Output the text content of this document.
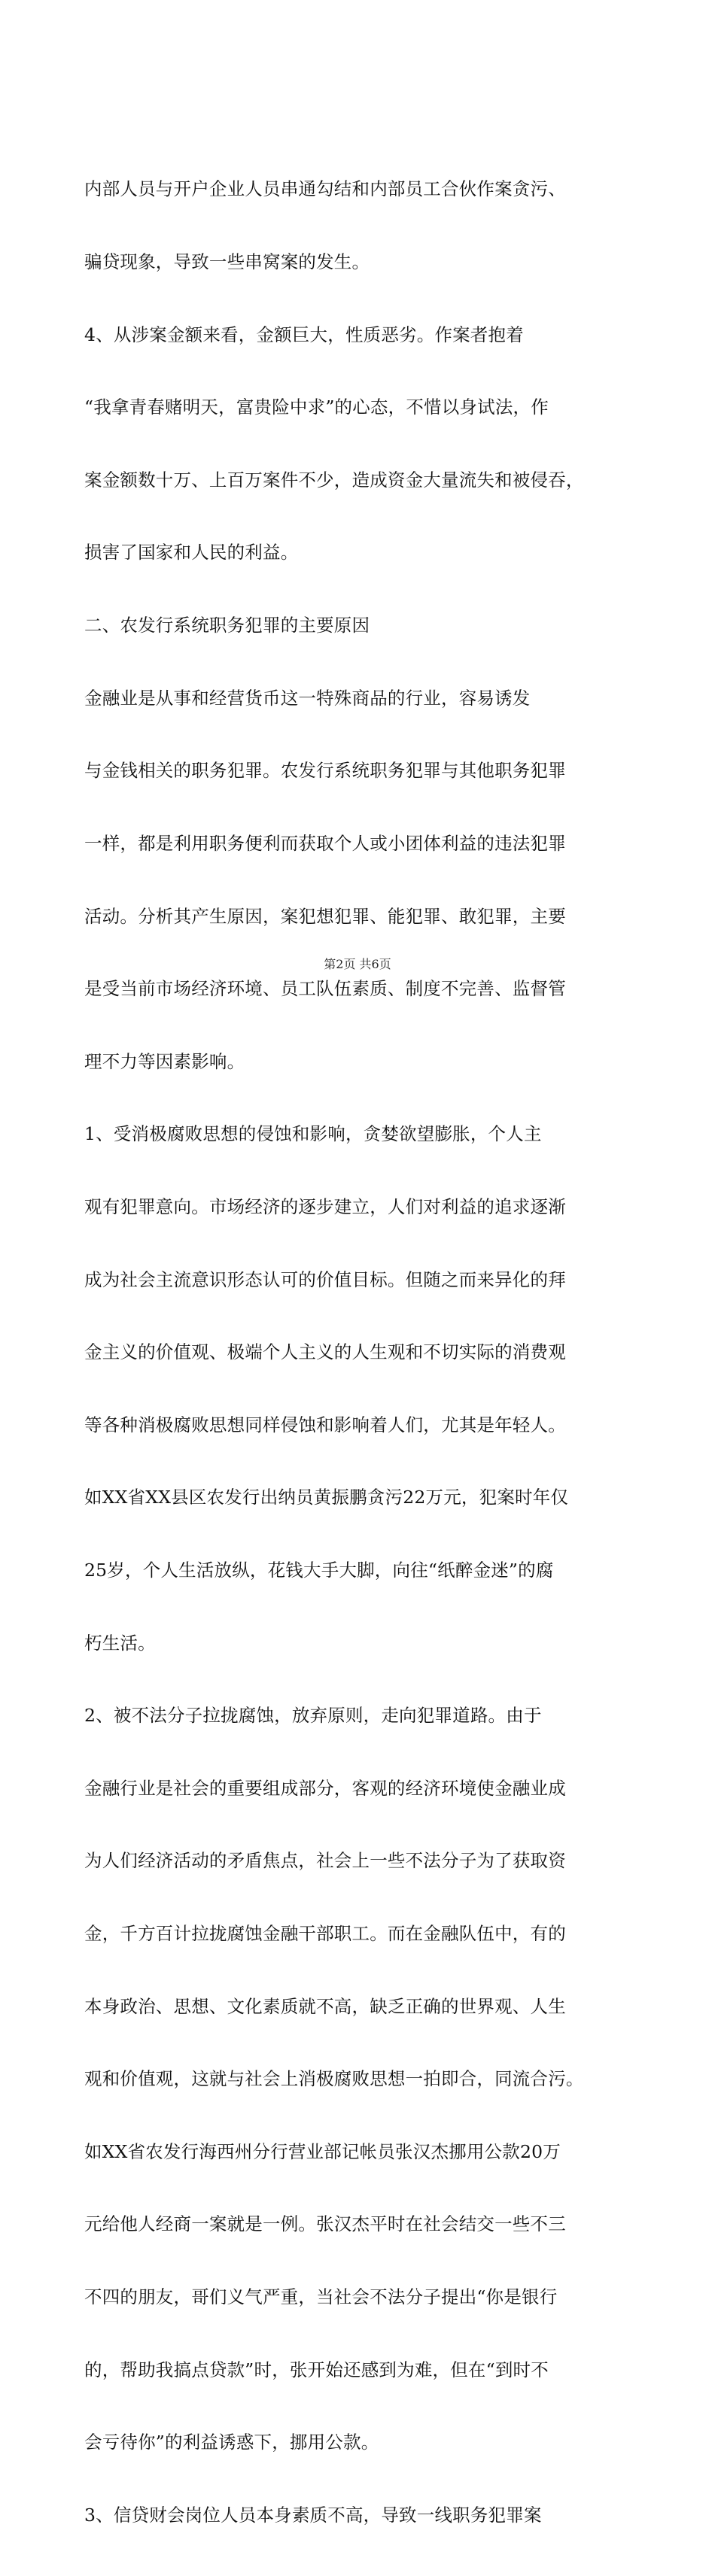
内部人员与开户企业人员串通勾结和内部员工合伙作案贪污、

骗贷现象，导致一些串窝案的发生。

4、从涉案金额来看，金额巨大，性质恶劣。作案者抱着

“我拿青春赌明天，富贵险中求”的心态，不惜以身试法，作

案金额数十万、上百万案件不少，造成资金大量流失和被侵吞，

损害了国家和人民的利益。

二、农发行系统职务犯罪的主要原因

金融业是从事和经营货币这一特殊商品的行业，容易诱发

与金钱相关的职务犯罪。农发行系统职务犯罪与其他职务犯罪

一样，都是利用职务便利而获取个人或小团体利益的违法犯罪

活动。分析其产生原因，案犯想犯罪、能犯罪、敢犯罪，主要

是受当前市场经济环境、员工队伍素质、制度不完善、监督管

理不力等因素影响。

1、受消极腐败思想的侵蚀和影响，贪婪欲望膨胀，个人主

观有犯罪意向。市场经济的逐步建立，人们对利益的追求逐渐

成为社会主流意识形态认可的价值目标。但随之而来异化的拜

金主义的价值观、极端个人主义的人生观和不切实际的消费观

等各种消极腐败思想同样侵蚀和影响着人们，尤其是年轻人。

如XX省XX县区农发行出纳员黄振鹏贪污22万元，犯案时年仅

25岁，个人生活放纵，花钱大手大脚，向往“纸醉金迷”的腐

朽生活。

2、被不法分子拉拢腐蚀，放弃原则，走向犯罪道路。由于

金融行业是社会的重要组成部分，客观的经济环境使金融业成

为人们经济活动的矛盾焦点，社会上一些不法分子为了获取资

金，千方百计拉拢腐蚀金融干部职工。而在金融队伍中，有的

本身政治、思想、文化素质就不高，缺乏正确的世界观、人生

观和价值观，这就与社会上消极腐败思想一拍即合，同流合污。

如XX省农发行海西州分行营业部记帐员张汉杰挪用公款20万

元给他人经商一案就是一例。张汉杰平时在社会结交一些不三

不四的朋友，哥们义气严重，当社会不法分子提出“你是银行

的，帮助我搞点贷款”时，张开始还感到为难，但在“到时不

会亏待你”的利益诱惑下，挪用公款。

3、信贷财会岗位人员本身素质不高，导致一线职务犯罪案

第2页 共6页
